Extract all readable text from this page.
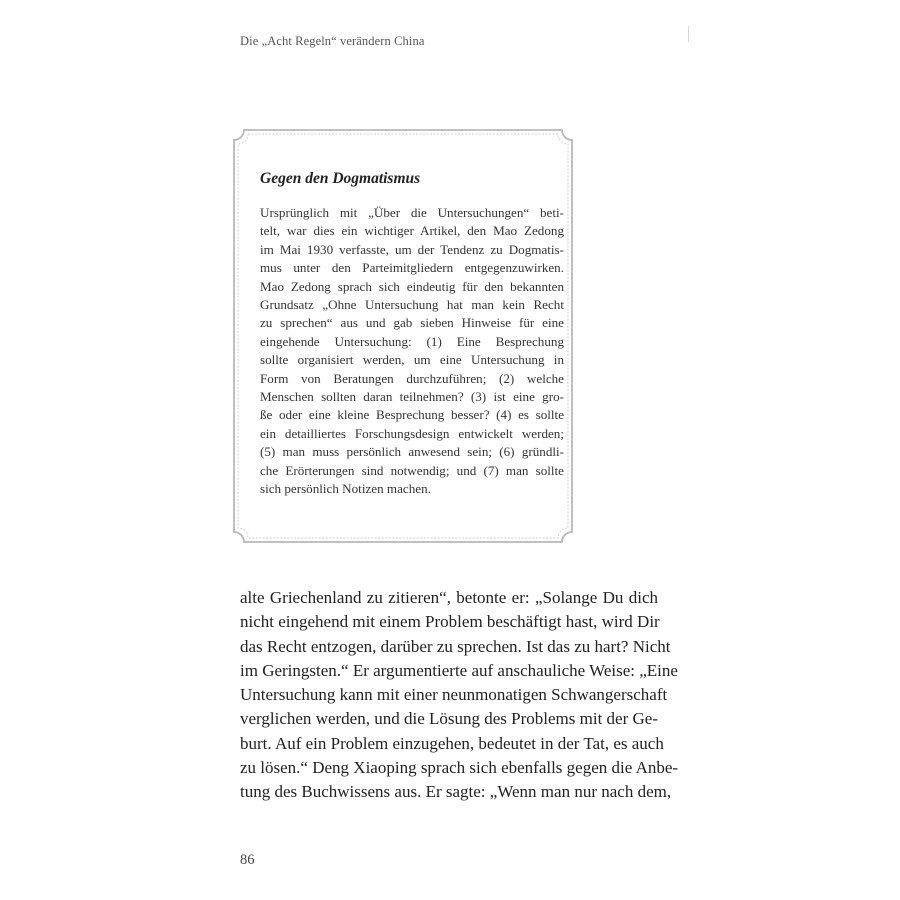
Die „Acht Regeln“ verändern China
Gegen den Dogmatismus
Ursprünglich mit „Über die Untersuchungen“ beti-
telt, war dies ein wichtiger Artikel, den Mao Zedong
im Mai 1930 verfasste, um der Tendenz zu Dogmatis-
mus unter den Parteimitgliedern entgegenzuwirken.
Mao Zedong sprach sich eindeutig für den bekannten
Grundsatz „Ohne Untersuchung hat man kein Recht
zu sprechen“ aus und gab sieben Hinweise für eine
eingehende Untersuchung: (1) Eine Besprechung
sollte organisiert werden, um eine Untersuchung in
Form von Beratungen durchzuführen; (2) welche
Menschen sollten daran teilnehmen? (3) ist eine gro-
ße oder eine kleine Besprechung besser? (4) es sollte
ein detailliertes Forschungsdesign entwickelt werden;
(5) man muss persönlich anwesend sein; (6) gründli-
che Erörterungen sind notwendig; und (7) man sollte
sich persönlich Notizen machen.
alte Griechenland zu zitieren“, betonte er: „Solange Du dich
nicht eingehend mit einem Problem beschäftigt hast, wird Dir
das Recht entzogen, darüber zu sprechen. Ist das zu hart? Nicht
im Geringsten.“ Er argumentierte auf anschauliche Weise: „Eine
Untersuchung kann mit einer neunmonatigen Schwangerschaft
verglichen werden, und die Lösung des Problems mit der Ge-
burt. Auf ein Problem einzugehen, bedeutet in der Tat, es auch
zu lösen.“ Deng Xiaoping sprach sich ebenfalls gegen die Anbe-
tung des Buchwissens aus. Er sagte: „Wenn man nur nach dem,
86
